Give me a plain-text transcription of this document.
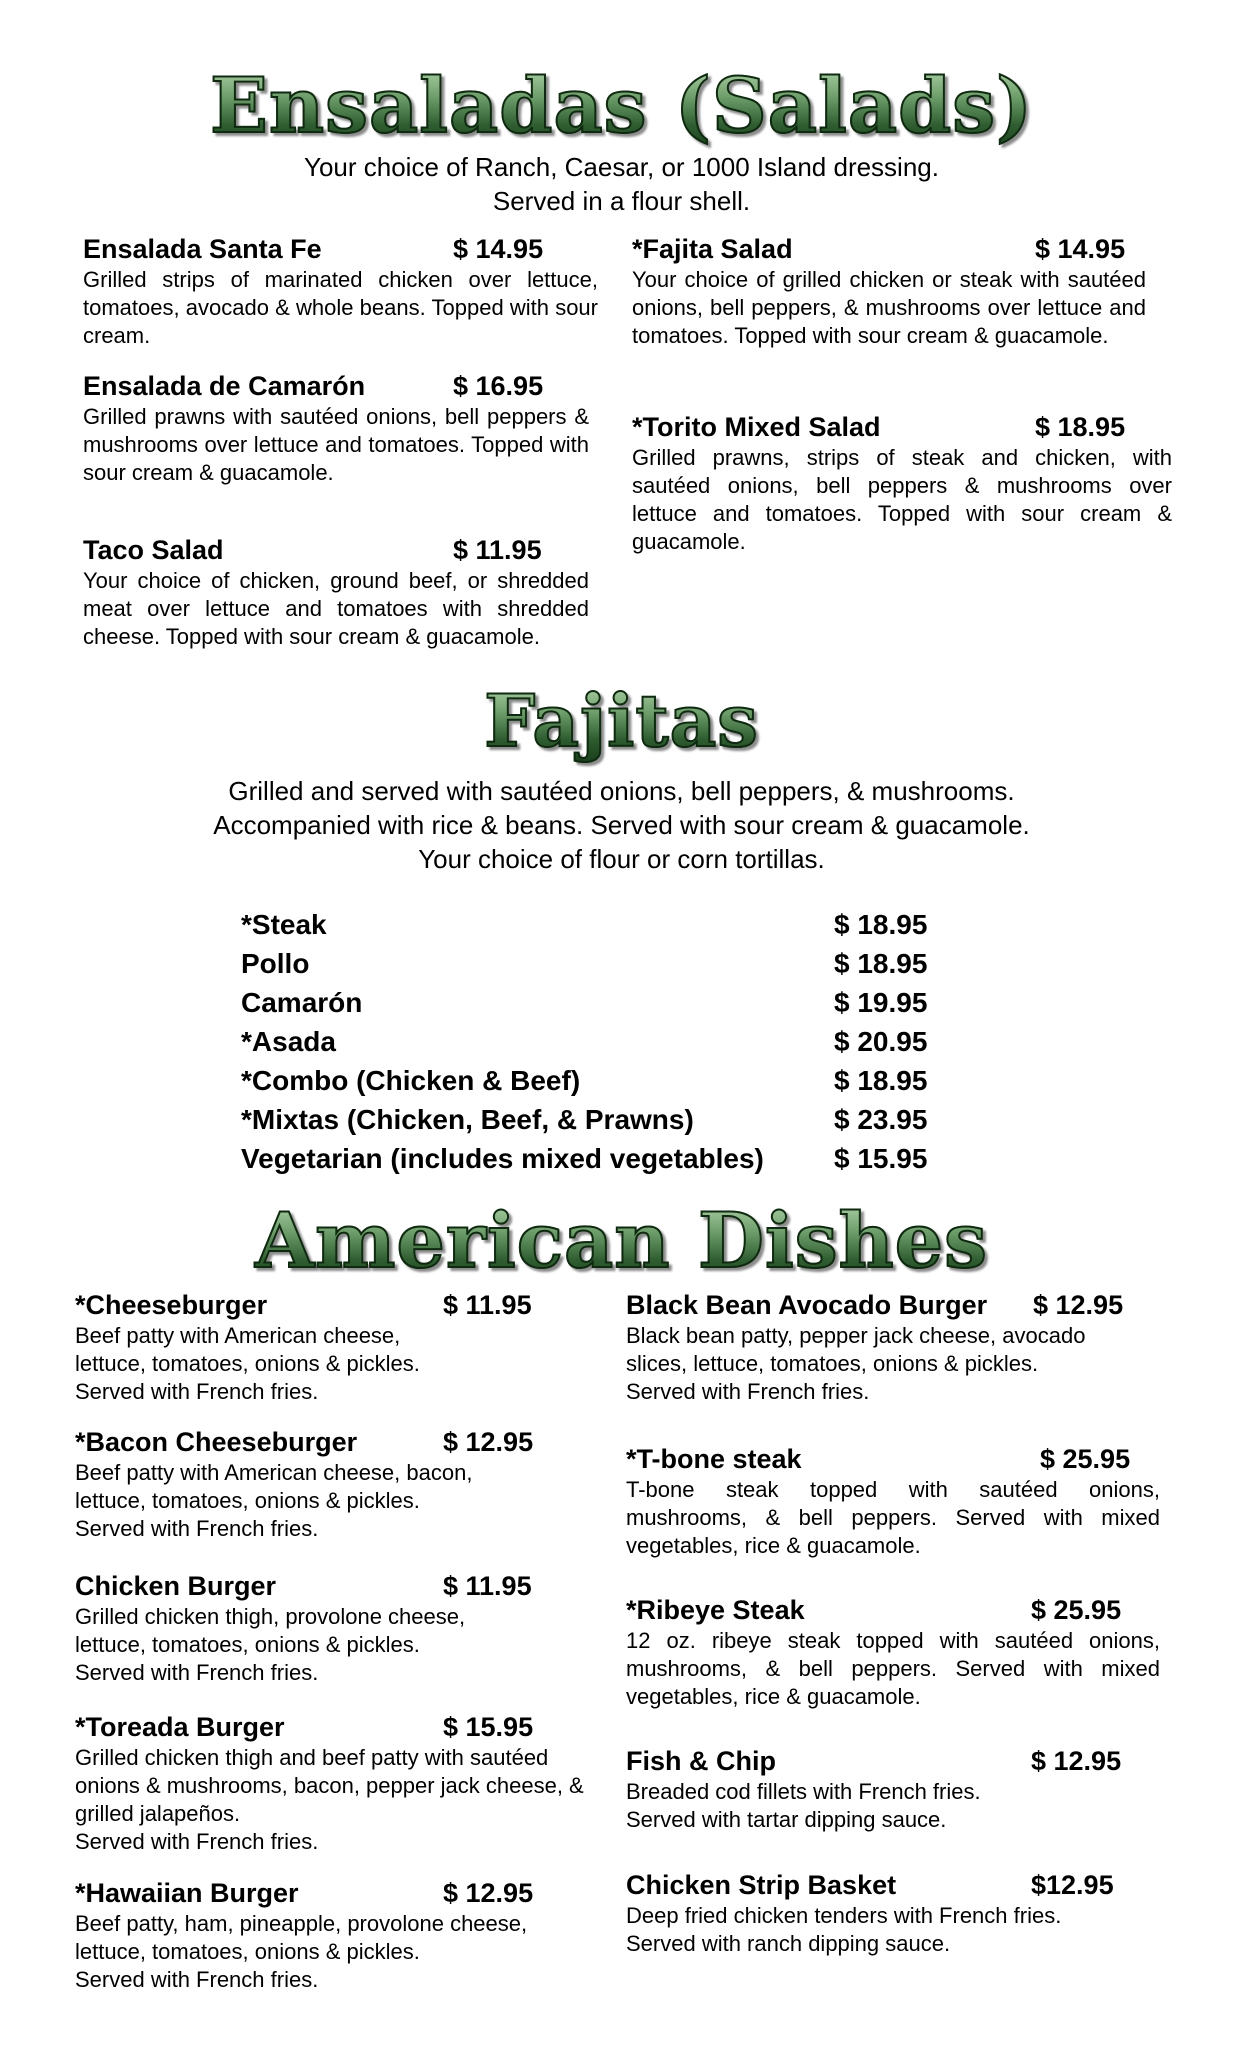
Ensaladas (Salads)
Your choice of Ranch, Caesar, or 1000 Island dressing.
Served in a flour shell.
Ensalada Santa Fe	$ 14.95
Grilled strips of marinated chicken over lettuce, tomatoes, avocado & whole beans. Topped with sour cream.
Ensalada de Camarón	$ 16.95
Grilled prawns with sautéed onions, bell peppers & mushrooms over lettuce and tomatoes. Topped with sour cream & guacamole.
Taco Salad	$ 11.95
Your choice of chicken, ground beef, or shredded meat over lettuce and tomatoes with shredded cheese. Topped with sour cream & guacamole.
*Fajita Salad	$ 14.95
Your choice of grilled chicken or steak with sautéed onions, bell peppers, & mushrooms over lettuce and tomatoes. Topped with sour cream & guacamole.
*Torito Mixed Salad	$ 18.95
Grilled prawns, strips of steak and chicken, with sautéed onions, bell peppers & mushrooms over lettuce and tomatoes. Topped with sour cream & guacamole.
Fajitas
Grilled and served with sautéed onions, bell peppers, & mushrooms.
Accompanied with rice & beans. Served with sour cream & guacamole.
Your choice of flour or corn tortillas.
*Steak	$ 18.95
Pollo	$ 18.95
Camarón	$ 19.95
*Asada	$ 20.95
*Combo (Chicken & Beef)	$ 18.95
*Mixtas (Chicken, Beef, & Prawns)	$ 23.95
Vegetarian (includes mixed vegetables)	$ 15.95
American Dishes
*Cheeseburger	$ 11.95
Beef patty with American cheese,
lettuce, tomatoes, onions & pickles.
Served with French fries.
*Bacon Cheeseburger	$ 12.95
Beef patty with American cheese, bacon,
lettuce, tomatoes, onions & pickles.
Served with French fries.
Chicken Burger	$ 11.95
Grilled chicken thigh, provolone cheese,
lettuce, tomatoes, onions & pickles.
Served with French fries.
*Toreada Burger	$ 15.95
Grilled chicken thigh and beef patty with sautéed onions & mushrooms, bacon, pepper jack cheese, & grilled jalapeños.
Served with French fries.
*Hawaiian Burger	$ 12.95
Beef patty, ham, pineapple, provolone cheese,
lettuce, tomatoes, onions & pickles.
Served with French fries.
Black Bean Avocado Burger $ 12.95
Black bean patty, pepper jack cheese, avocado
slices, lettuce, tomatoes, onions & pickles.
Served with French fries.
*T-bone steak	$ 25.95
T-bone steak topped with sautéed onions, mushrooms, & bell peppers. Served with mixed vegetables, rice & guacamole.
*Ribeye Steak	$ 25.95
12 oz. ribeye steak topped with sautéed onions, mushrooms, & bell peppers. Served with mixed vegetables, rice & guacamole.
Fish & Chip	$ 12.95
Breaded cod fillets with French fries.
Served with tartar dipping sauce.
Chicken Strip Basket	$12.95
Deep fried chicken tenders with French fries.
Served with ranch dipping sauce.
